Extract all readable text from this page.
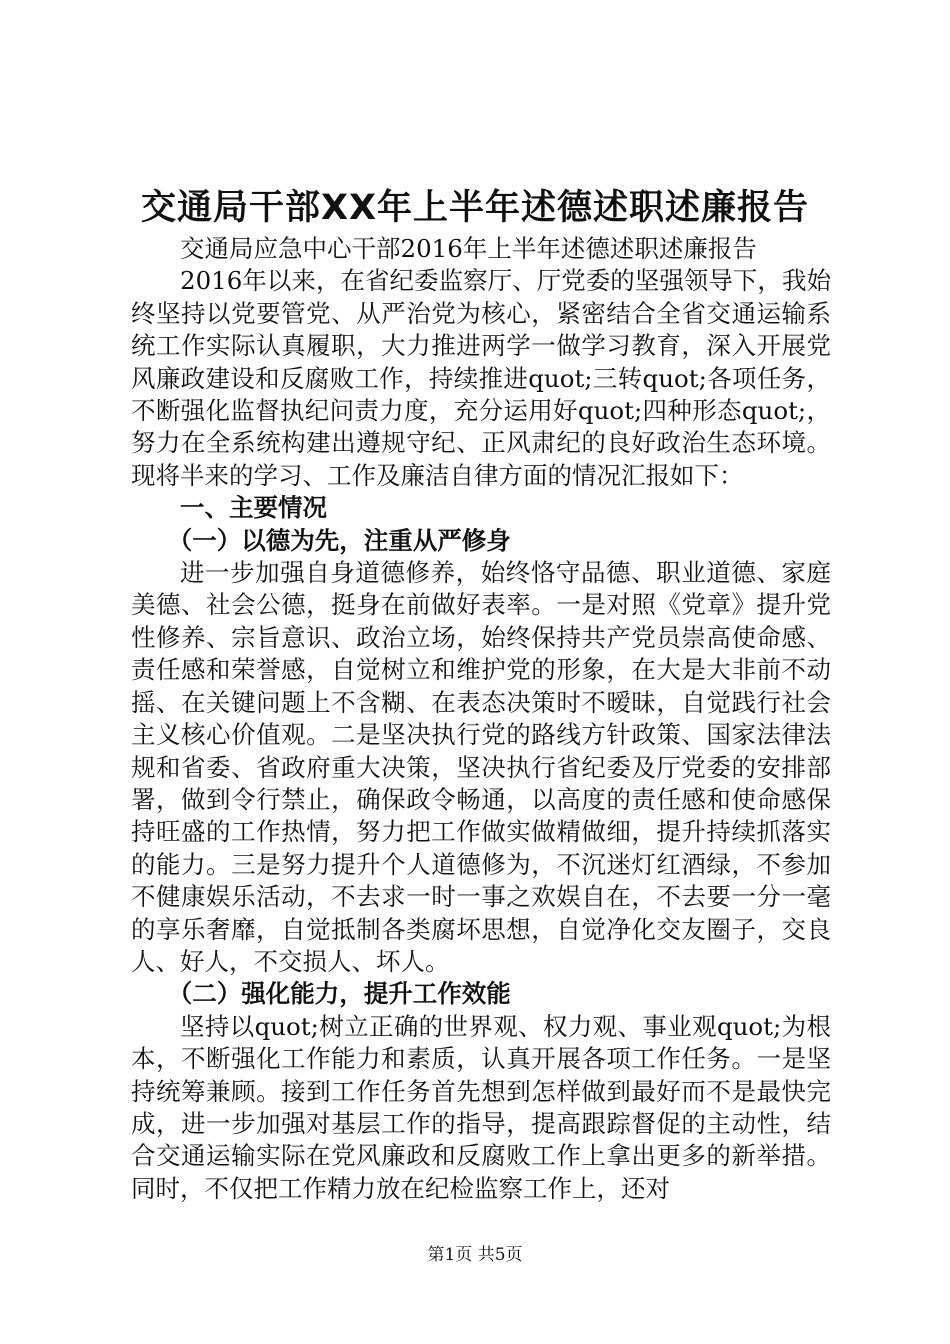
交通局干部XX年上半年述德述职述廉报告

交通局应急中心干部2016年上半年述德述职述廉报告

2016年以来，在省纪委监察厅、厅党委的坚强领导下，我始终坚持以党要管党、从严治党为核心，紧密结合全省交通运输系统工作实际认真履职，大力推进两学一做学习教育，深入开展党风廉政建设和反腐败工作，持续推进quot;三转quot;各项任务，不断强化监督执纪问责力度，充分运用好quot;四种形态quot;，努力在全系统构建出遵规守纪、正风肃纪的良好政治生态环境。现将半来的学习、工作及廉洁自律方面的情况汇报如下：

一、主要情况
（一）以德为先，注重从严修身

进一步加强自身道德修养，始终恪守品德、职业道德、家庭美德、社会公德，挺身在前做好表率。一是对照《党章》提升党性修养、宗旨意识、政治立场，始终保持共产党员崇高使命感、责任感和荣誉感，自觉树立和维护党的形象，在大是大非前不动摇、在关键问题上不含糊、在表态决策时不暧昧，自觉践行社会主义核心价值观。二是坚决执行党的路线方针政策、国家法律法规和省委、省政府重大决策，坚决执行省纪委及厅党委的安排部署，做到令行禁止，确保政令畅通，以高度的责任感和使命感保持旺盛的工作热情，努力把工作做实做精做细，提升持续抓落实的能力。三是努力提升个人道德修为，不沉迷灯红酒绿，不参加不健康娱乐活动，不去求一时一事之欢娱自在，不去要一分一毫的享乐奢靡，自觉抵制各类腐坏思想，自觉净化交友圈子，交良人、好人，不交损人、坏人。

（二）强化能力，提升工作效能

坚持以quot;树立正确的世界观、权力观、事业观quot;为根本，不断强化工作能力和素质，认真开展各项工作任务。一是坚持统筹兼顾。接到工作任务首先想到怎样做到最好而不是最快完成，进一步加强对基层工作的指导，提高跟踪督促的主动性，结合交通运输实际在党风廉政和反腐败工作上拿出更多的新举措。同时，不仅把工作精力放在纪检监察工作上，还对

第1页 共5页
